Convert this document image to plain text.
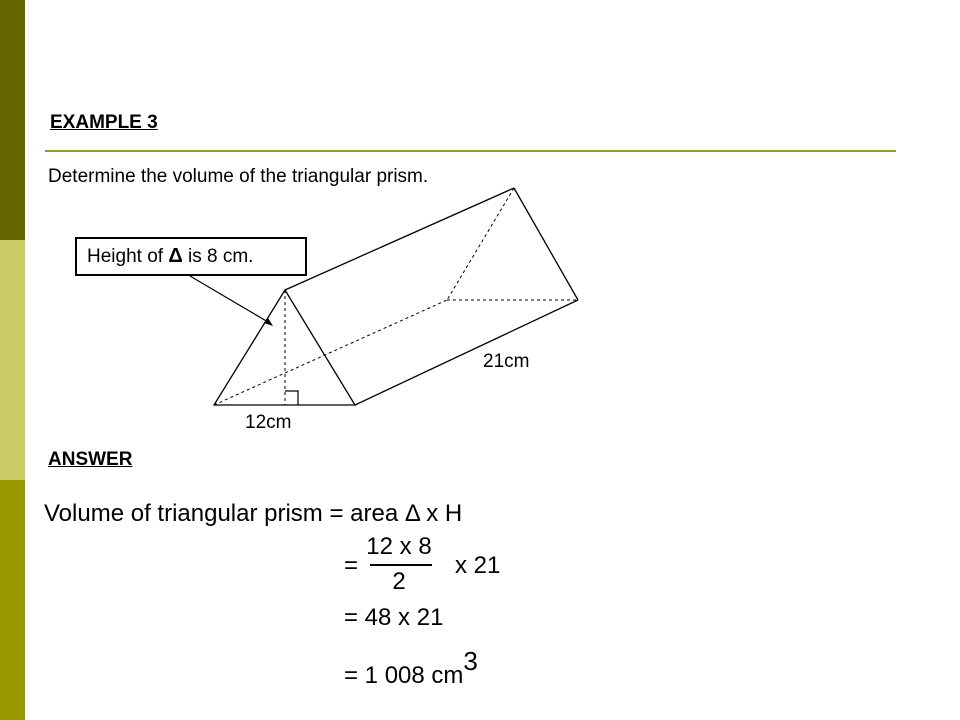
EXAMPLE 3
Determine the volume of the triangular prism.
Height of Δ is 8 cm.
12cm
21cm
ANSWER
Volume of triangular prism = area Δ x H
=
12 x 8
2
x 21
= 48 x 21
= 1 008 $cm^3$
